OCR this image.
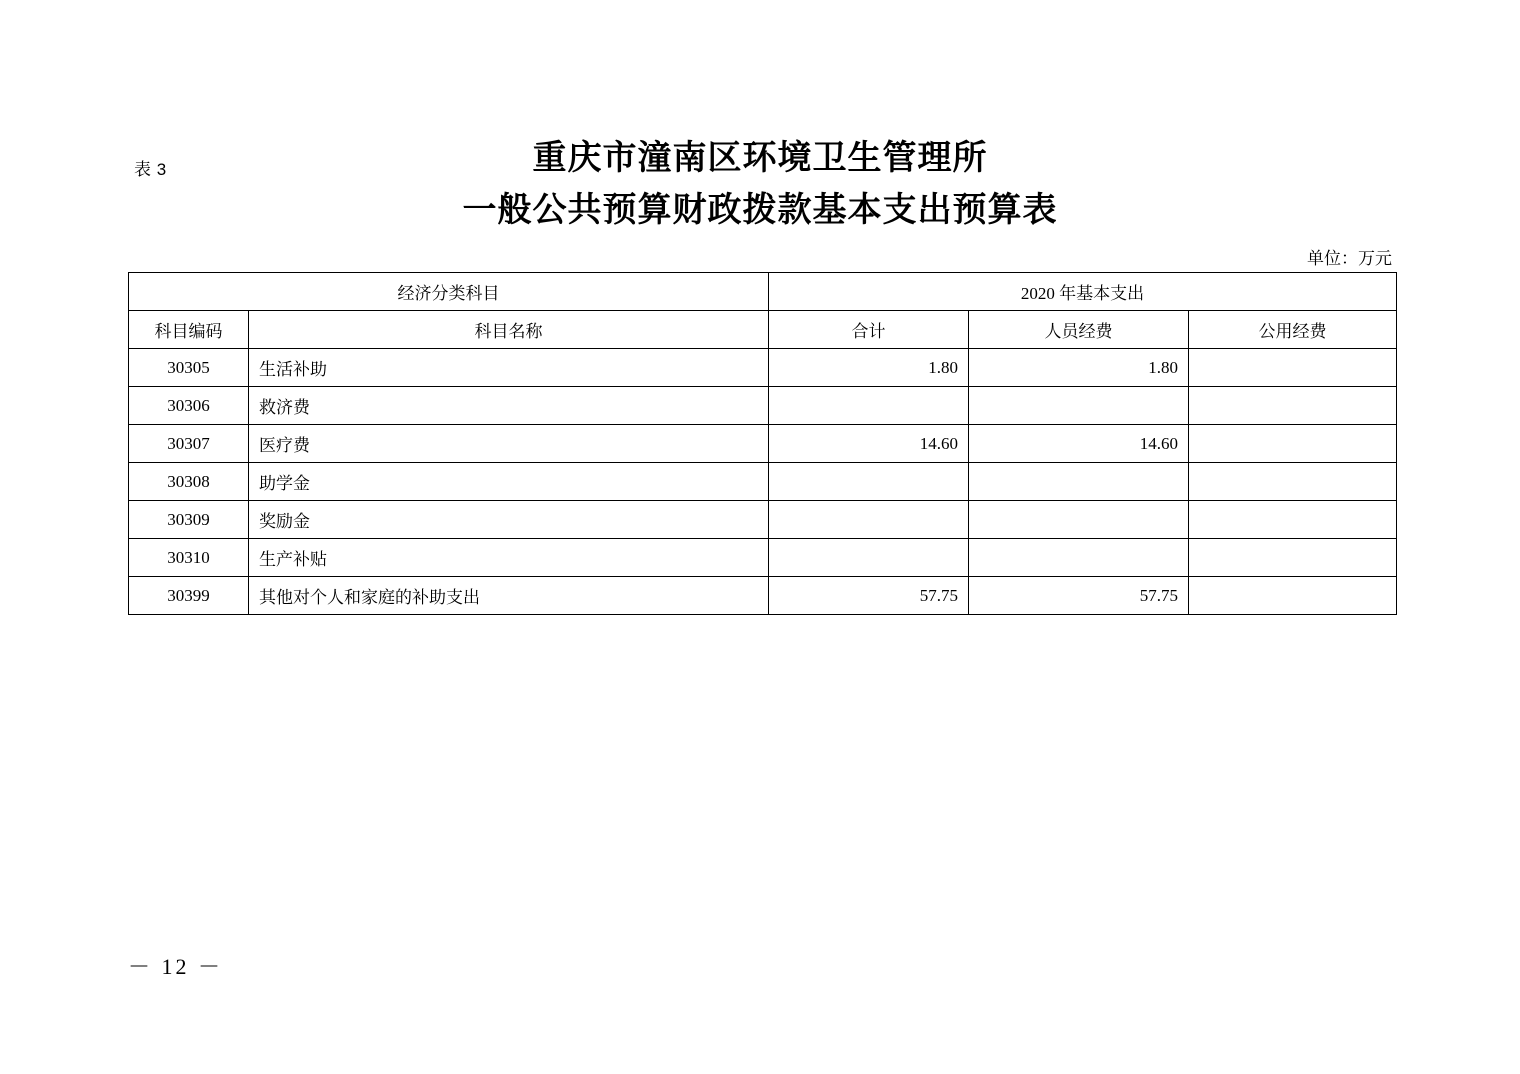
表 3	重庆市潼南区环境卫生管理所
一般公共预算财政拨款基本支出预算表
单位：万元
经济分类科目		2020 年基本支出		
科目编码	科目名称	合计	人员经费	公用经费
30305	生活补助	1.80	1.80	
30306	救济费			
30307	医疗费	14.60	14.60	
30308	助学金			
30309	奖励金			
30310	生产补贴			
30399	其他对个人和家庭的补助支出	57.75	57.75	
－ 12 －
